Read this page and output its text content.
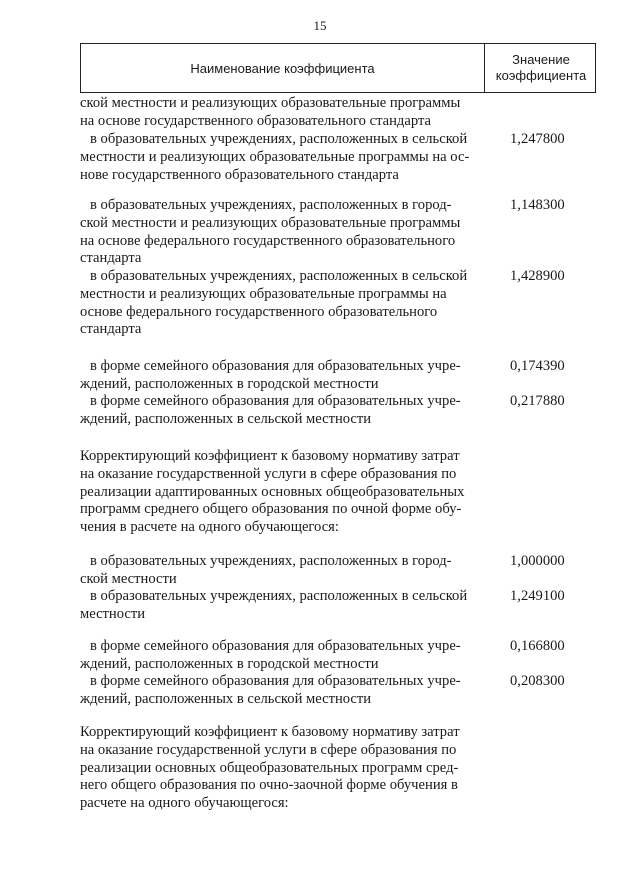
15
Наименование коэффициента
Значение
коэффициента
ской местности и реализующих образовательные программы
на основе государственного образовательного стандарта
в образовательных учреждениях, расположенных в сельской
местности и реализующих образовательные программы на ос-
нове государственного образовательного стандарта
1,247800
в образовательных учреждениях, расположенных в город-
ской местности и реализующих образовательные программы
на основе федерального государственного образовательного
стандарта
1,148300
в образовательных учреждениях, расположенных в сельской
местности и реализующих образовательные программы на
основе федерального государственного образовательного
стандарта
1,428900
в форме семейного образования для образовательных учре-
ждений, расположенных в городской местности
0,174390
в форме семейного образования для образовательных учре-
ждений, расположенных в сельской местности
0,217880
Корректирующий коэффициент к базовому нормативу затрат
на оказание государственной услуги в сфере образования по
реализации адаптированных основных общеобразовательных
программ среднего общего образования по очной форме обу-
чения в расчете на одного обучающегося:
в образовательных учреждениях, расположенных в город-
ской местности
1,000000
в образовательных учреждениях, расположенных в сельской
местности
1,249100
в форме семейного образования для образовательных учре-
ждений, расположенных в городской местности
0,166800
в форме семейного образования для образовательных учре-
ждений, расположенных в сельской местности
0,208300
Корректирующий коэффициент к базовому нормативу затрат
на оказание государственной услуги в сфере образования по
реализации основных общеобразовательных программ сред-
него общего образования по очно-заочной форме обучения в
расчете на одного обучающегося:
